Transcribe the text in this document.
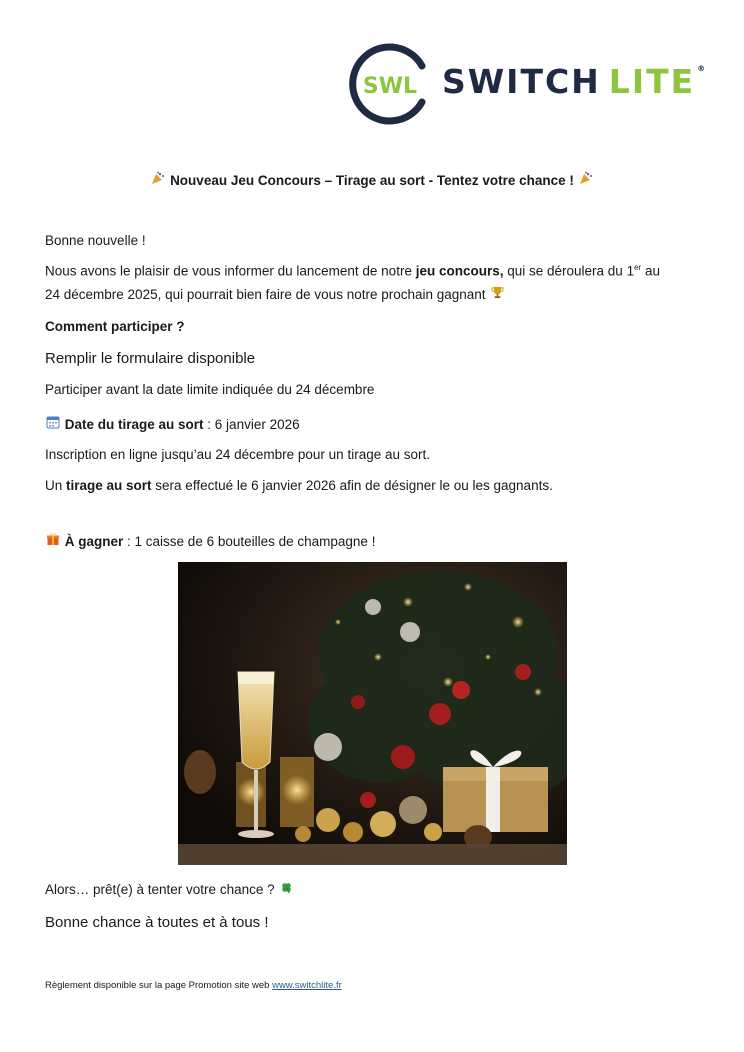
SWL SWITCH LITE ®
Nouveau Jeu Concours – Tirage au sort - Tentez votre chance !
Bonne nouvelle !
Nous avons le plaisir de vous informer du lancement de notre jeu concours, qui se déroulera du 1er au
24 décembre 2025, qui pourrait bien faire de vous notre prochain gagnant
Comment participer ?
Remplir le formulaire disponible
Participer avant la date limite indiquée du 24 décembre
Date du tirage au sort : 6 janvier 2026
Inscription en ligne jusqu’au 24 décembre pour un tirage au sort.
Un tirage au sort sera effectué le 6 janvier 2026 afin de désigner le ou les gagnants.
À gagner : 1 caisse de 6 bouteilles de champagne !
Alors… prêt(e) à tenter votre chance ?
Bonne chance à toutes et à tous !
Règlement disponible sur la page Promotion site web www.switchlite.fr
